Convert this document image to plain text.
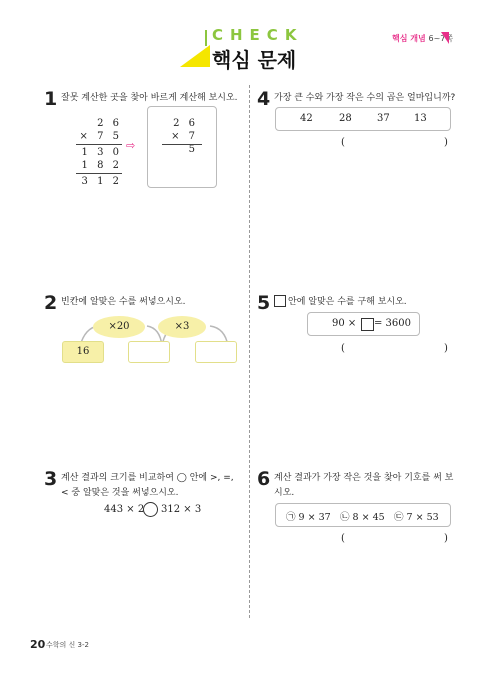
CHECK
핵심 문제
핵심 개념 6~7쪽
1 잘못 계산한 곳을 찾아 바르게 계산해 보시오.
2 6
× 7 5
1 3 0
1 8 2
3 1 2
⇨
2 6
× 7 5
2 빈칸에 알맞은 수를 써넣으시오.
×20	×3
16
3 계산 결과의 크기를 비교하여 ◯ 안에 >, =,
< 중 알맞은 것을 써넣으시오.
443 × 2 312 × 3
4 가장 큰 수와 가장 작은 수의 곱은 얼마입니까?
42	28	37 13
(	)
5 안에 알맞은 수를 구해 보시오.
90 × = 3600
(	)
6 계산 결과가 가장 작은 것을 찾아 기호를 써 보
시오.
㉠ 9 × 37 ㉡ 8 × 45 ㉢ 7 × 53
(	)
20 수학의 신 3-2
